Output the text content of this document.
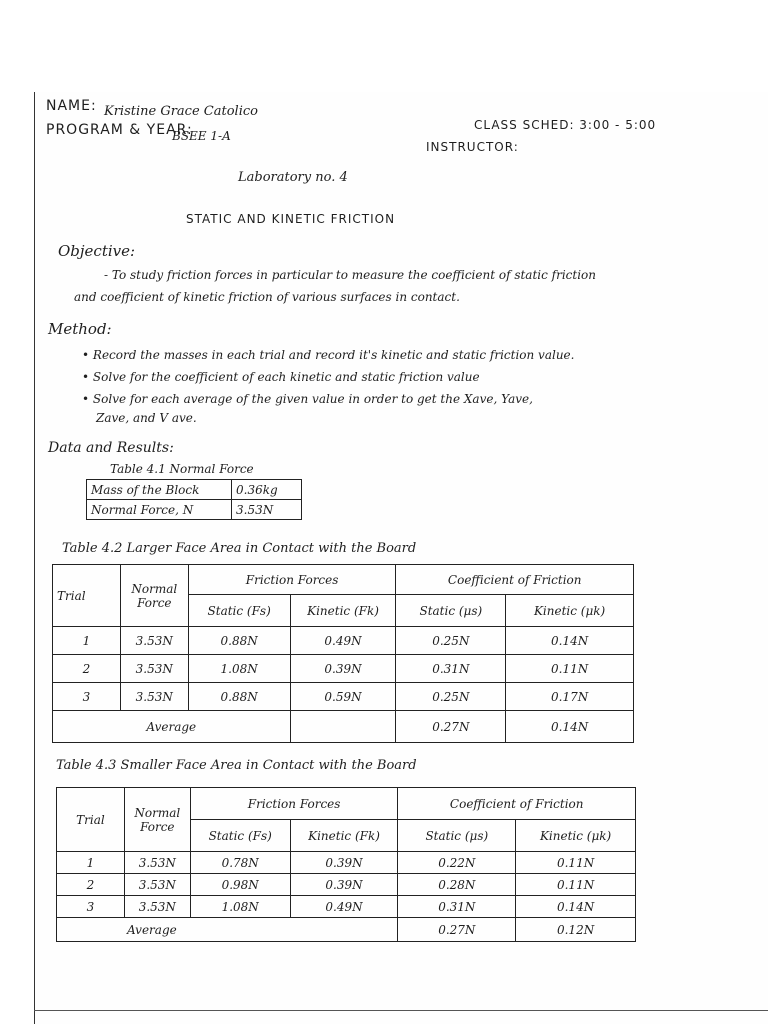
NAME: Kristine Grace Catolico
PROGRAM & YEAR:
BSEE 1-A
CLASS SCHED: 3:00 - 5:00
INSTRUCTOR:
Laboratory no. 4
STATIC AND KINETIC FRICTION
Objective:
- To study friction forces in particular to measure the coefficient of static friction
and coefficient of kinetic friction of various surfaces in contact.
Method:
• Record the masses in each trial and record it's kinetic and static friction value.
• Solve for the coefficient of each kinetic and static friction value
• Solve for each average of the given value in order to get the Xave, Yave,
Zave, and V ave.
Data and Results:
Table 4.1 Normal Force
Mass of the Block	0.36kg
Normal Force, N	3.53N
Table 4.2 Larger Face Area in Contact with the Board
Trial	Normal Force	Friction Forces		Coefficient of Friction	
		Static (Fs)	Kinetic (Fk)	Static (μs)	Kinetic (μk)
1	3.53N	0.88N	0.49N	0.25N	0.14N
2	3.53N	1.08N	0.39N	0.31N	0.11N
3	3.53N	0.88N	0.59N	0.25N	0.17N
Average				0.27N	0.14N
Table 4.3 Smaller Face Area in Contact with the Board
Trial	Normal Force	Friction Forces		Coefficient of Friction	
		Static (Fs)	Kinetic (Fk)	Static (μs)	Kinetic (μk)
1	3.53N	0.78N	0.39N	0.22N	0.11N
2	3.53N	0.98N	0.39N	0.28N	0.11N
3	3.53N	1.08N	0.49N	0.31N	0.14N
Average				0.27N	0.12N
